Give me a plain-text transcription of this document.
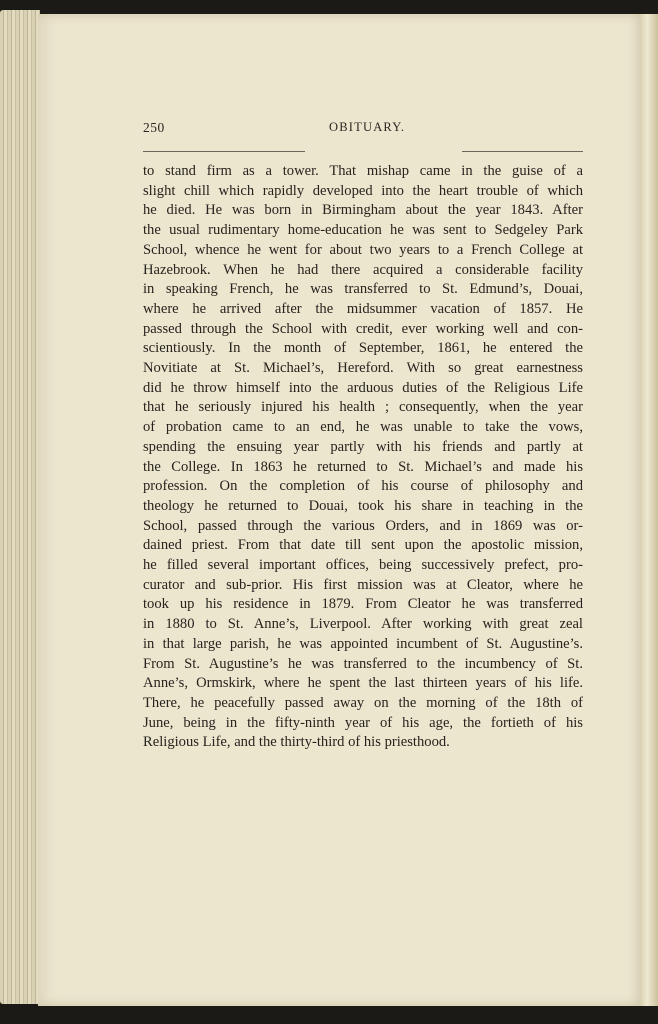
250	OBITUARY.
to stand firm as a tower. That mishap came in the guise of a
slight chill which rapidly developed into the heart trouble of which
he died. He was born in Birmingham about the year 1843. After
the usual rudimentary home-education he was sent to Sedgeley Park
School, whence he went for about two years to a French College at
Hazebrook. When he had there acquired a considerable facility
in speaking French, he was transferred to St. Edmund’s, Douai,
where he arrived after the midsummer vacation of 1857. He
passed through the School with credit, ever working well and con-
scientiously. In the month of September, 1861, he entered the
Novitiate at St. Michael’s, Hereford. With so great earnestness
did he throw himself into the arduous duties of the Religious Life
that he seriously injured his health ; consequently, when the year
of probation came to an end, he was unable to take the vows,
spending the ensuing year partly with his friends and partly at
the College. In 1863 he returned to St. Michael’s and made his
profession. On the completion of his course of philosophy and
theology he returned to Douai, took his share in teaching in the
School, passed through the various Orders, and in 1869 was or-
dained priest. From that date till sent upon the apostolic mission,
he filled several important offices, being successively prefect, pro-
curator and sub-prior. His first mission was at Cleator, where he
took up his residence in 1879. From Cleator he was transferred
in 1880 to St. Anne’s, Liverpool. After working with great zeal
in that large parish, he was appointed incumbent of St. Augustine’s.
From St. Augustine’s he was transferred to the incumbency of St.
Anne’s, Ormskirk, where he spent the last thirteen years of his life.
There, he peacefully passed away on the morning of the 18th of
June, being in the fifty-ninth year of his age, the fortieth of his
Religious Life, and the thirty-third of his priesthood.
